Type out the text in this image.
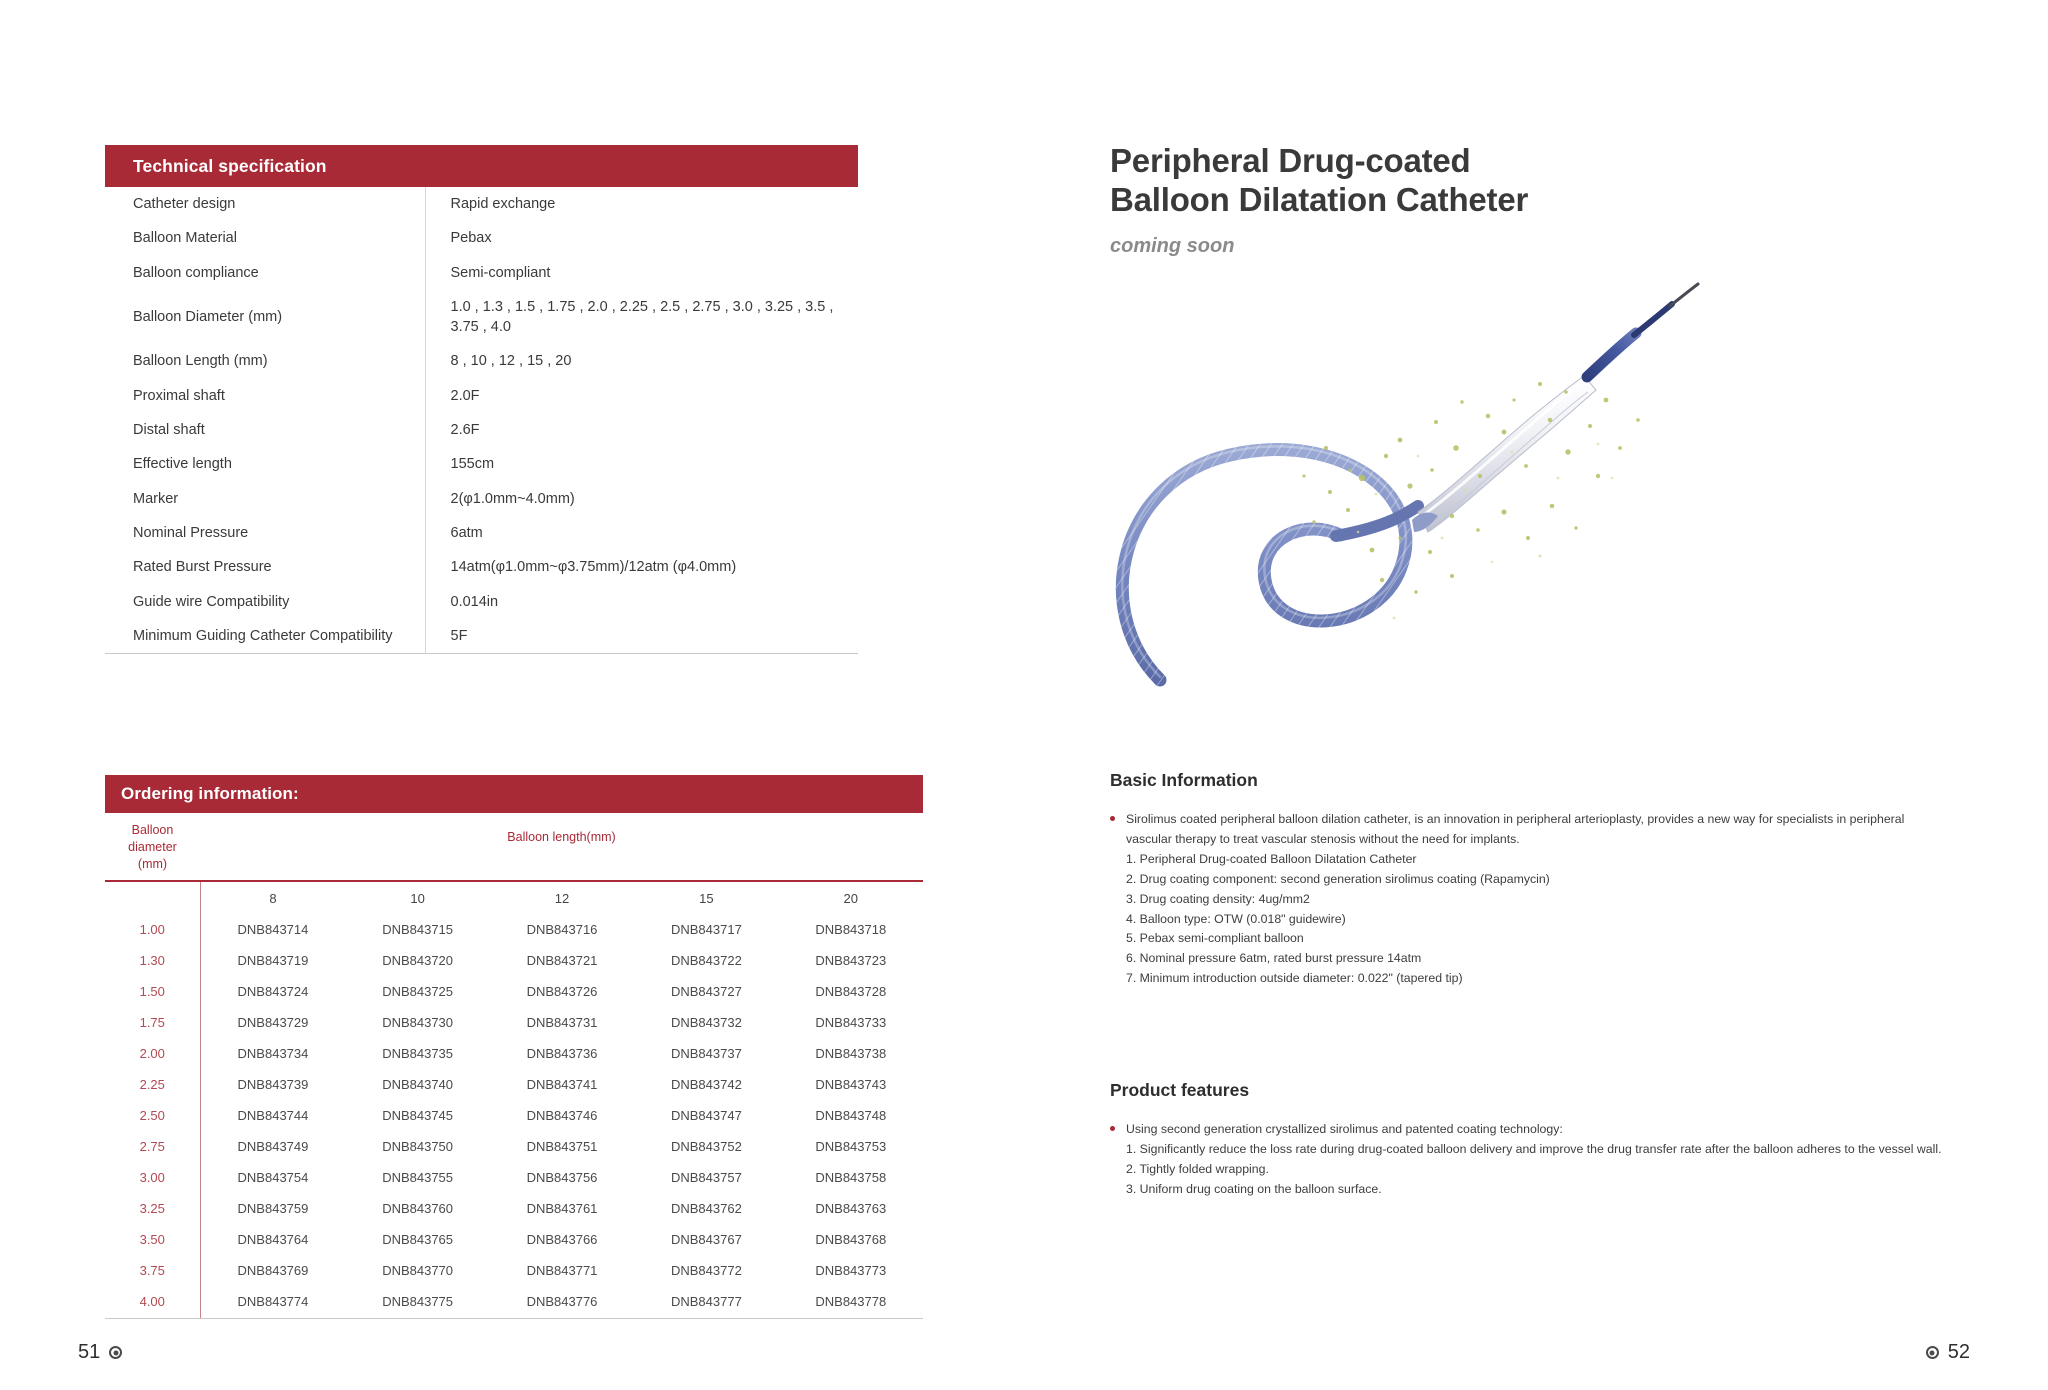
Technical specification
Catheter design	Rapid exchange
Balloon Material	Pebax
Balloon compliance	Semi-compliant
Balloon Diameter (mm)	1.0 , 1.3 , 1.5 , 1.75 , 2.0 , 2.25 , 2.5 , 2.75 , 3.0 , 3.25 , 3.5 , 3.75 , 4.0
Balloon Length (mm)	8 , 10 , 12 , 15 , 20
Proximal shaft	2.0F
Distal shaft	2.6F
Effective length	155cm
Marker	2(φ1.0mm~4.0mm)
Nominal Pressure	6atm
Rated Burst Pressure	14atm(φ1.0mm~φ3.75mm)/12atm (φ4.0mm)
Guide wire Compatibility	0.014in
Minimum Guiding Catheter Compatibility	5F
Ordering information:
Balloon diameter
(mm)	Balloon length(mm)				

	8	10	12	15	20
1.00	DNB843714	DNB843715	DNB843716	DNB843717	DNB843718
1.30	DNB843719	DNB843720	DNB843721	DNB843722	DNB843723
1.50	DNB843724	DNB843725	DNB843726	DNB843727	DNB843728
1.75	DNB843729	DNB843730	DNB843731	DNB843732	DNB843733
2.00	DNB843734	DNB843735	DNB843736	DNB843737	DNB843738
2.25	DNB843739	DNB843740	DNB843741	DNB843742	DNB843743
2.50	DNB843744	DNB843745	DNB843746	DNB843747	DNB843748
2.75	DNB843749	DNB843750	DNB843751	DNB843752	DNB843753
3.00	DNB843754	DNB843755	DNB843756	DNB843757	DNB843758
3.25	DNB843759	DNB843760	DNB843761	DNB843762	DNB843763
3.50	DNB843764	DNB843765	DNB843766	DNB843767	DNB843768
3.75	DNB843769	DNB843770	DNB843771	DNB843772	DNB843773
4.00	DNB843774	DNB843775	DNB843776	DNB843777	DNB843778
51
Peripheral Drug-coated
Balloon Dilatation Catheter
coming soon
Basic Information
Sirolimus coated peripheral balloon dilation catheter, is an innovation in peripheral arterioplasty, provides a new way for specialists in peripheral vascular therapy to treat vascular stenosis without the need for implants.
1. Peripheral Drug-coated Balloon Dilatation Catheter
2. Drug coating component: second generation sirolimus coating (Rapamycin)
3. Drug coating density: 4ug/mm2
4. Balloon type: OTW (0.018" guidewire)
5. Pebax semi-compliant balloon
6. Nominal pressure 6atm, rated burst pressure 14atm
7. Minimum introduction outside diameter: 0.022" (tapered tip)
Product features
Using second generation crystallized sirolimus and patented coating technology:
1. Significantly reduce the loss rate during drug-coated balloon delivery and improve the drug transfer rate after the balloon adheres to the vessel wall.
2. Tightly folded wrapping.
3. Uniform drug coating on the balloon surface.
52
